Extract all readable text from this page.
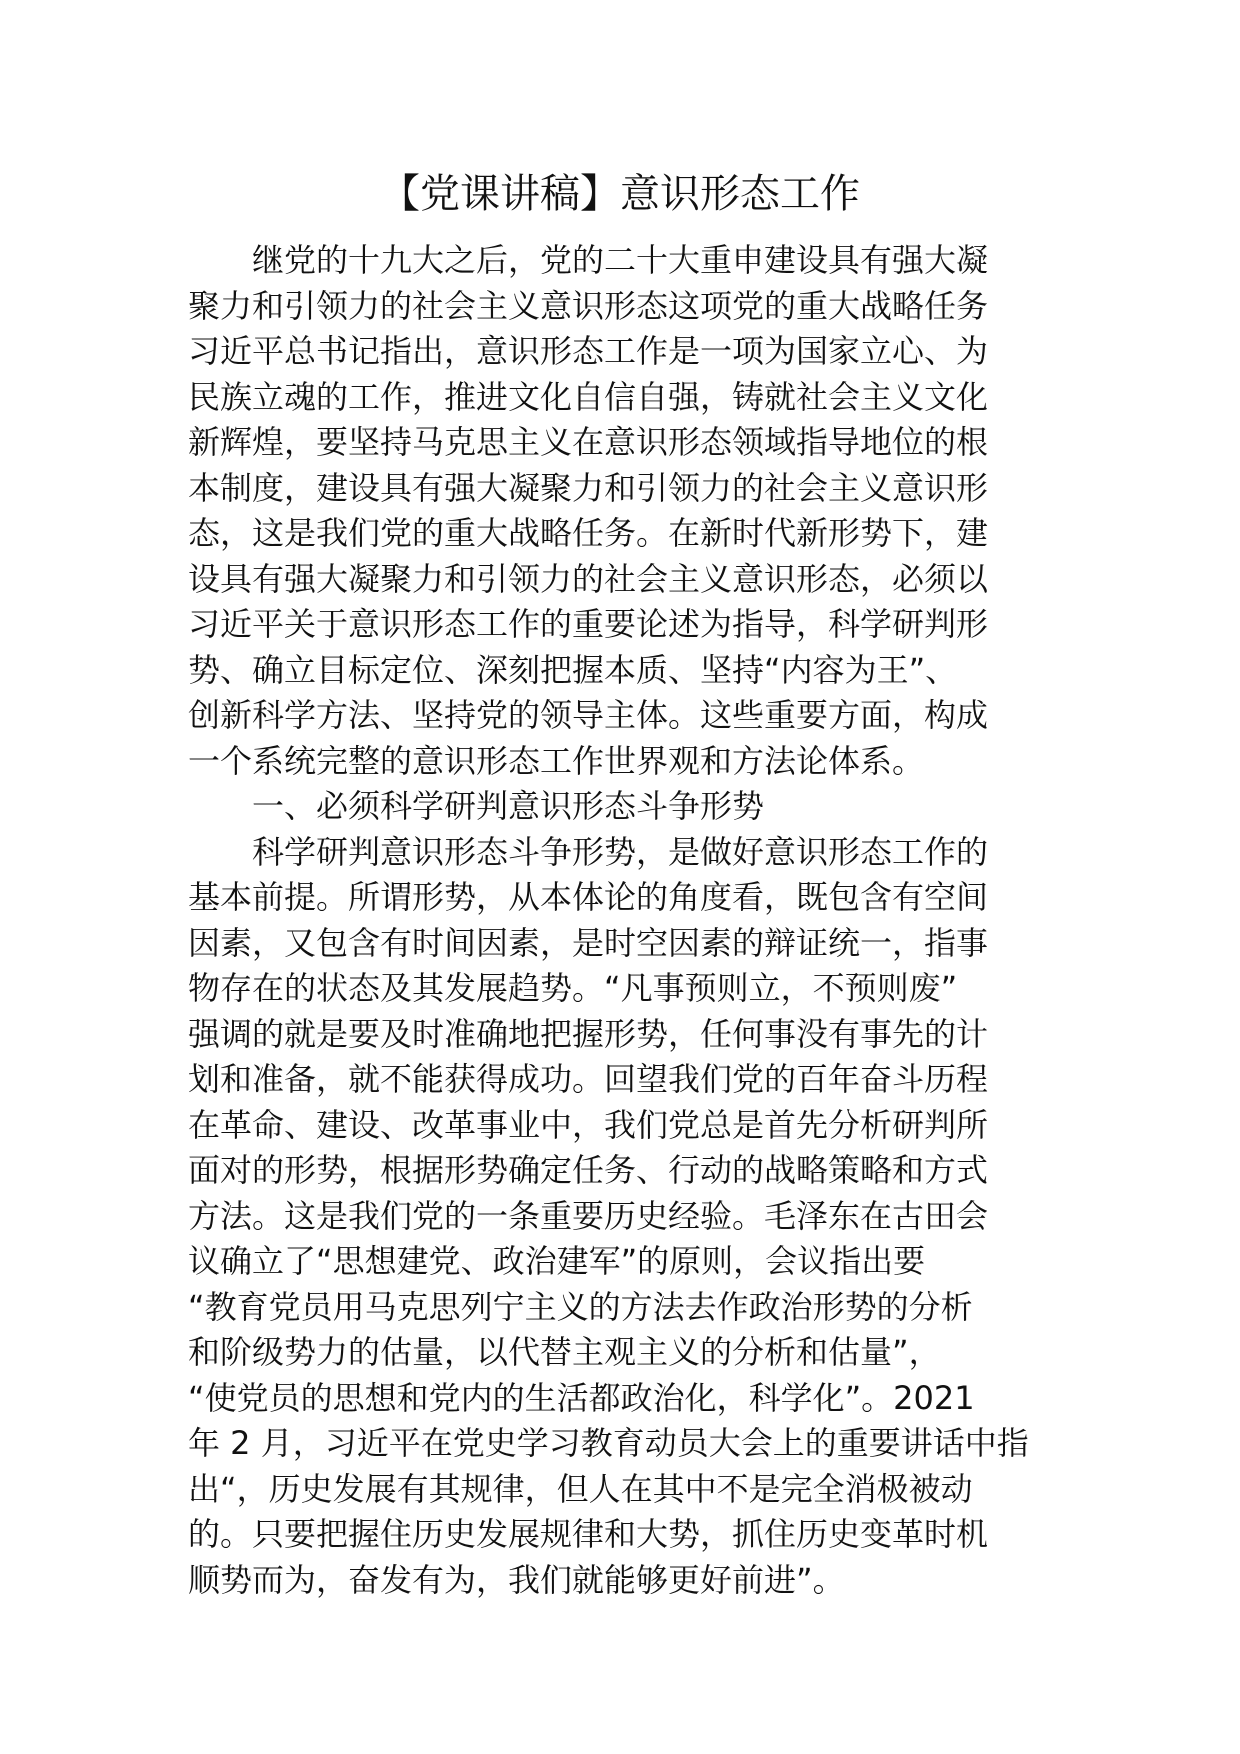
【党课讲稿】意识形态工作
继党的十九大之后，党的二十大重申建设具有强大凝
聚力和引领力的社会主义意识形态这项党的重大战略任务
习近平总书记指出，意识形态工作是一项为国家立心、为
民族立魂的工作，推进文化自信自强，铸就社会主义文化
新辉煌，要坚持马克思主义在意识形态领域指导地位的根
本制度，建设具有强大凝聚力和引领力的社会主义意识形
态，这是我们党的重大战略任务。在新时代新形势下，建
设具有强大凝聚力和引领力的社会主义意识形态，必须以
习近平关于意识形态工作的重要论述为指导，科学研判形
势、确立目标定位、深刻把握本质、坚持“内容为王”、
创新科学方法、坚持党的领导主体。这些重要方面，构成
一个系统完整的意识形态工作世界观和方法论体系。
一、必须科学研判意识形态斗争形势
科学研判意识形态斗争形势，是做好意识形态工作的
基本前提。所谓形势，从本体论的角度看，既包含有空间
因素，又包含有时间因素，是时空因素的辩证统一，指事
物存在的状态及其发展趋势。“凡事预则立，不预则废”
强调的就是要及时准确地把握形势，任何事没有事先的计
划和准备，就不能获得成功。回望我们党的百年奋斗历程
在革命、建设、改革事业中，我们党总是首先分析研判所
面对的形势，根据形势确定任务、行动的战略策略和方式
方法。这是我们党的一条重要历史经验。毛泽东在古田会
议确立了“思想建党、政治建军”的原则，会议指出要
“教育党员用马克思列宁主义的方法去作政治形势的分析
和阶级势力的估量，以代替主观主义的分析和估量”，
“使党员的思想和党内的生活都政治化，科学化”。2021
年 2 月，习近平在党史学习教育动员大会上的重要讲话中指
出“，历史发展有其规律，但人在其中不是完全消极被动
的。只要把握住历史发展规律和大势，抓住历史变革时机
顺势而为，奋发有为，我们就能够更好前进”。
